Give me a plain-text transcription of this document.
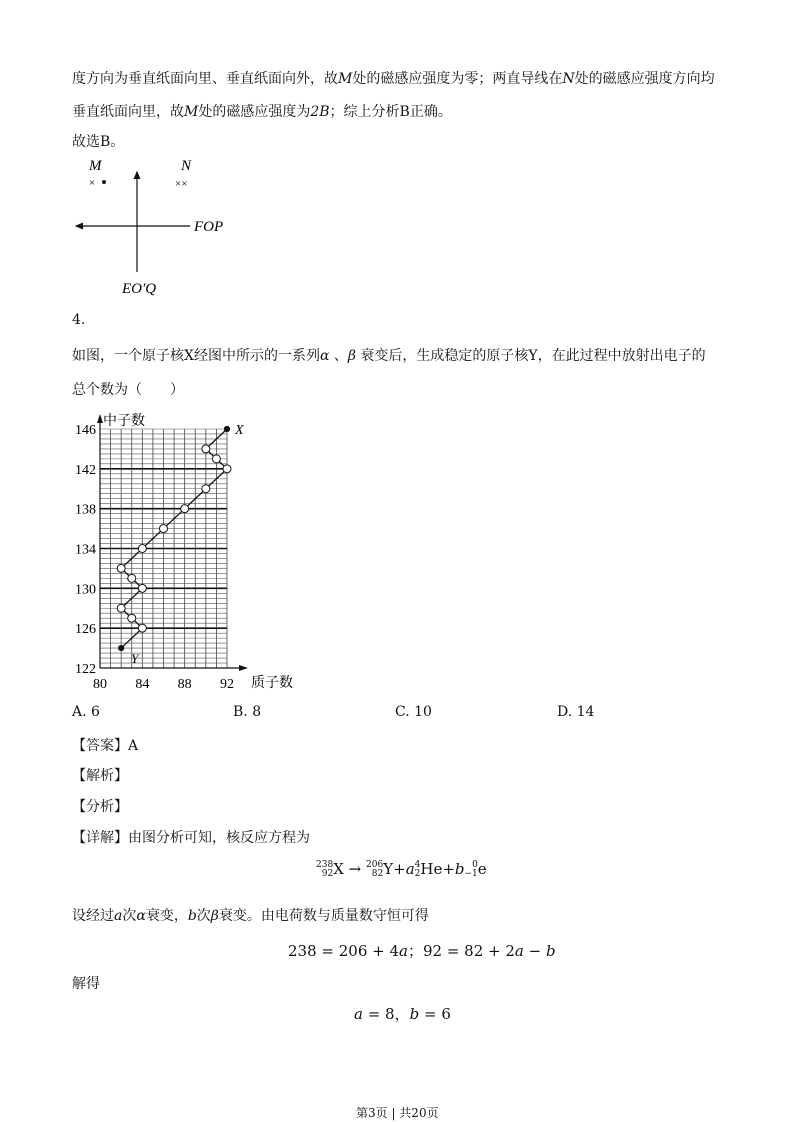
度方向为垂直纸面向里、垂直纸面向外，故M处的磁感应强度为零；两直导线在N处的磁感应强度方向均
垂直纸面向里，故M处的磁感应强度为2B；综上分析B正确。
故选B。
M	N
×	××
FOP
EO′Q
4.
如图，一个原子核X经图中所示的一系列α 、β 衰变后，生成稳定的原子核Y，在此过程中放射出电子的
总个数为（　　）
中子数
质子数
122
126
130
134
138
142
146
80 84 88 92
X
Y
A. 6	B. 8	C. 10	D. 14
【答案】A
【解析】
【分析】
【详解】由图分析可知，核反应方程为
238
92X → 206
82Y+a4
2He+b 0
−1e
设经过a次α衰变，b次β衰变。由电荷数与质量数守恒可得
238 = 206 + 4a；92 = 82 + 2a − b
解得
a = 8，b = 6
第3页 | 共20页
